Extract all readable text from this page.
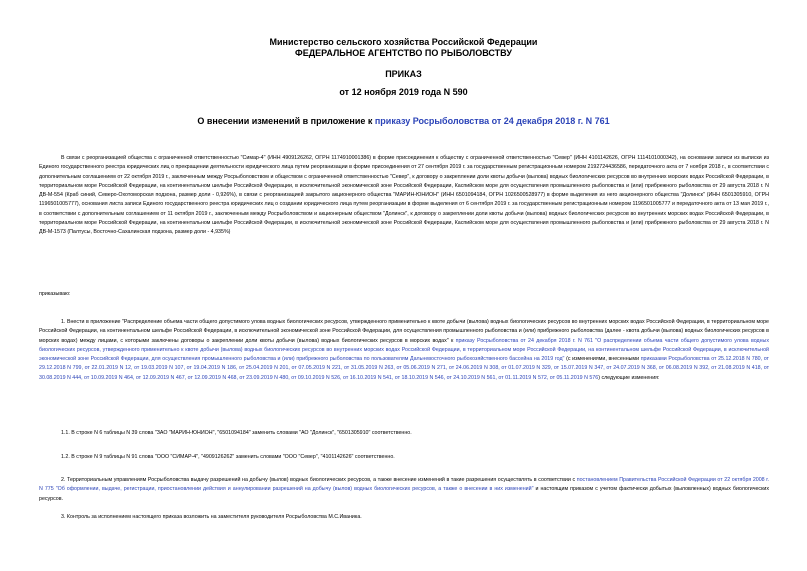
Министерство сельского хозяйства Российской Федерации
ФЕДЕРАЛЬНОЕ АГЕНТСТВО ПО РЫБОЛОВСТВУ
ПРИКАЗ
от 12 ноября 2019 года N 590
О внесении изменений в приложение к приказу Росрыболовства от 24 декабря 2018 г. N 761
В связи с реорганизацией общества с ограниченной ответственностью "Симар-4" (ИНН 4909126262, ОГРН 1174910001386) в форме присоединения к обществу с ограниченной ответственностью "Север" (ИНН 4101142626, ОГРН 1114101000342), на основании записи из выписки из Единого государственного реестра юридических лиц о прекращении деятельности юридического лица путем реорганизации в форме присоединения от 27 сентября 2019 г. за государственным регистрационным номером 2192724436586, передаточного акта от 7 ноября 2018 г., в соответствии с дополнительным соглашением от 22 октября 2019 г., заключенным между Росрыболовством и обществом с ограниченной ответственностью "Север", к договору о закреплении доли квоты добычи (вылова) водных биологических ресурсов во внутренних морских водах Российской Федерации, в территориальном море Российской Федерации, на континентальном шельфе Российской Федерации, в исключительной экономической зоне Российской Федерации, Каспийском море для осуществления промышленного рыболовства и (или) прибрежного рыболовства от 29 августа 2018 г. N ДВ-М-554 (Краб синий, Северо-Охотоморская подзона, размер доли - 0,926%), в связи с реорганизацией закрытого акционерного общества "МАРИН-ЮНИОН" (ИНН 6501094184, ОГРН 1026500528977) в форме выделения из него акционерного общества "Долинск" (ИНН 6501305910, ОГРН 1196501005777), основания листа записи Единого государственного реестра юридических лиц о создании юридического лица путем реорганизации в форме выделения от 6 сентября 2019 г. за государственным регистрационным номером 1196501005777 и передаточного акта от 13 мая 2019 г., в соответствии с дополнительным соглашением от 11 октября 2019 г., заключенным между Росрыболовством и акционерным обществом "Долинск", к договору о закреплении доли квоты добычи (вылова) водных биологических ресурсов во внутренних морских водах Российской Федерации, в территориальном море Российской Федерации, на континентальном шельфе Российской Федерации, в исключительной экономической зоне Российской Федерации, Каспийском море для осуществления промышленного рыболовства и (или) прибрежного рыболовства от 29 августа 2018 г. N ДВ-М-1573 (Палтусы, Восточно-Сахалинская подзона, размер доли - 4,935%)
приказываю:
1. Внести в приложение "Распределение объема части общего допустимого улова водных биологических ресурсов, утвержденного применительно к квоте добычи (вылова) водных биологических ресурсов во внутренних морских водах Российской Федерации, в территориальном море Российской Федерации, на континентальном шельфе Российской Федерации, в исключительной экономической зоне Российской Федерации, для осуществления промышленного рыболовства и (или) прибрежного рыболовства (далее - квота добычи (вылова) водных биологических ресурсов в морских водах) между лицами, с которыми заключены договоры о закреплении доли квоты добычи (вылова) водных биологических ресурсов в морских водах" к приказу Росрыболовства от 24 декабря 2018 г. N 761 "О распределении объема части общего допустимого улова водных биологических ресурсов, утвержденного применительно к квоте добычи (вылова) водных биологических ресурсов во внутренних морских водах Российской Федерации, в территориальном море Российской Федерации, на континентальном шельфе Российской Федерации, в исключительной экономической зоне Российской Федерации, для осуществления промышленного рыболовства и (или) прибрежного рыболовства по пользователям Дальневосточного рыбохозяйственного бассейна на 2019 год" (с изменениями, внесенными приказами Росрыболовства от 25.12.2018 N 780, от 29.12.2018 N 799, от 22.01.2019 N 12, от 19.03.2019 N 107, от 19.04.2019 N 186, от 25.04.2019 N 201, от 07.05.2019 N 221, от 31.05.2019 N 263, от 05.06.2019 N 271, от 24.06.2019 N 308, от 01.07.2019 N 329, от 15.07.2019 N 347, от 24.07.2019 N 368, от 06.08.2019 N 392, от 21.08.2019 N 418, от 30.08.2019 N 444, от 10.09.2019 N 464, от 12.09.2019 N 467, от 12.09.2019 N 468, от 23.09.2019 N 480, от 09.10.2019 N 526, от 16.10.2019 N 541, от 18.10.2019 N 546, от 24.10.2019 N 561, от 01.11.2019 N 572, от 05.11.2019 N 576) следующие изменения:
1.1. В строке N 6 таблицы N 39 слова "ЗАО "МАРИН-ЮНИОН", "6501094184" заменить словами "АО "Долинск", "6501305910" соответственно.
1.2. В строке N 9 таблицы N 91 слова "ООО "СИМАР-4", "4909126262" заменить словами "ООО "Север", "4101142626" соответственно.
2. Территориальным управлениям Росрыболовства выдачу разрешений на добычу (вылов) водных биологических ресурсов, а также внесение изменений в такие разрешения осуществлять в соответствии с постановлением Правительства Российской Федерации от 22 октября 2008 г. N 775 "Об оформлении, выдаче, регистрации, приостановлении действия и аннулировании разрешений на добычу (вылов) водных биологических ресурсов, а также о внесении в них изменений" и настоящим приказом с учетом фактически добытых (выловленных) водных биологических ресурсов.
3. Контроль за исполнением настоящего приказа возложить на заместителя руководителя Росрыболовства М.С.Иваника.
